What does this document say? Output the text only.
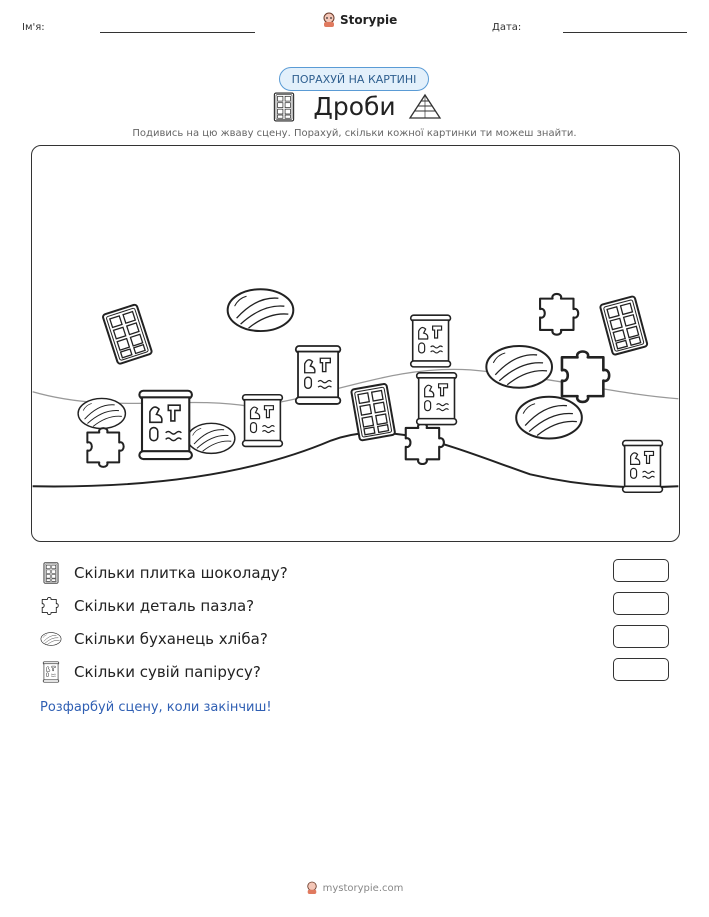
Ім'я:
Storypie
Дата:
ПОРАХУЙ НА КАРТИНІ
Дроби
Подивись на цю жваву сцену. Порахуй, скільки кожної картинки ти можеш знайти.
Скільки плитка шоколаду?
Скільки деталь пазла?
Скільки буханець хліба?
Скільки сувій папірусу?
Розфарбуй сцену, коли закінчиш!
mystorypie.com
